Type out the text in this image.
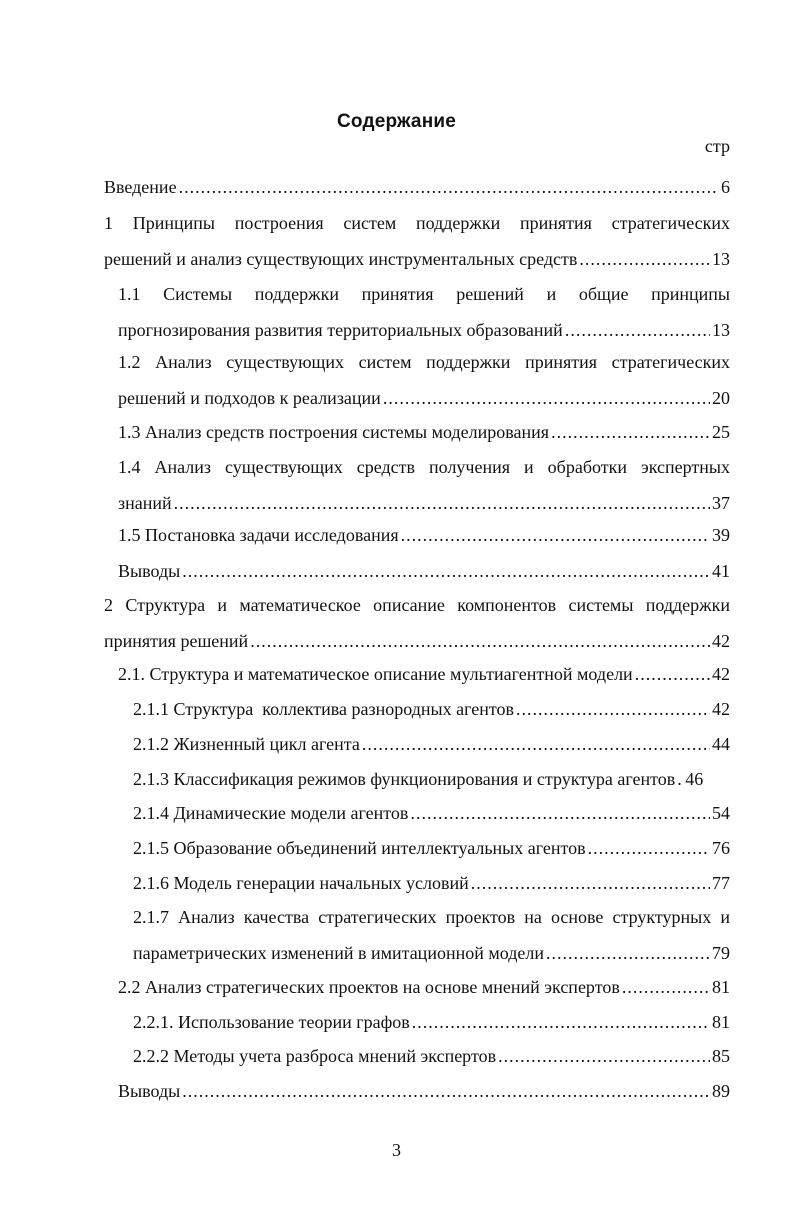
Содержание
стр
Введение .....	6
1 Принципы построения систем поддержки принятия стратегических
решений и анализ существующих инструментальных средств .....	13
1.1 Системы поддержки принятия решений и общие принципы
прогнозирования развития территориальных образований .....	13
1.2 Анализ существующих систем поддержки принятия стратегических
решений и подходов к реализации .....	20
1.3 Анализ средств построения системы моделирования .....	25
1.4 Анализ существующих средств получения и обработки экспертных
знаний .....	37
1.5 Постановка задачи исследования .....	39
Выводы .....	41
2 Структура и математическое описание компонентов системы поддержки
принятия решений .....	42
2.1. Структура и математическое описание мультиагентной модели .....	42
2.1.1 Структура  коллектива разнородных агентов .....	42
2.1.2 Жизненный цикл агента .....	44
2.1.3 Классификация режимов функционирования и структура агентов ..... 46
2.1.4 Динамические модели агентов .....	54
2.1.5 Образование объединений интеллектуальных агентов .....	76
2.1.6 Модель генерации начальных условий .....	77
2.1.7 Анализ качества стратегических проектов на основе структурных и
параметрических изменений в имитационной модели .....	79
2.2 Анализ стратегических проектов на основе мнений экспертов .....	81
2.2.1. Использование теории графов .....	81
2.2.2 Методы учета разброса мнений экспертов .....	85
Выводы .....	89
3
